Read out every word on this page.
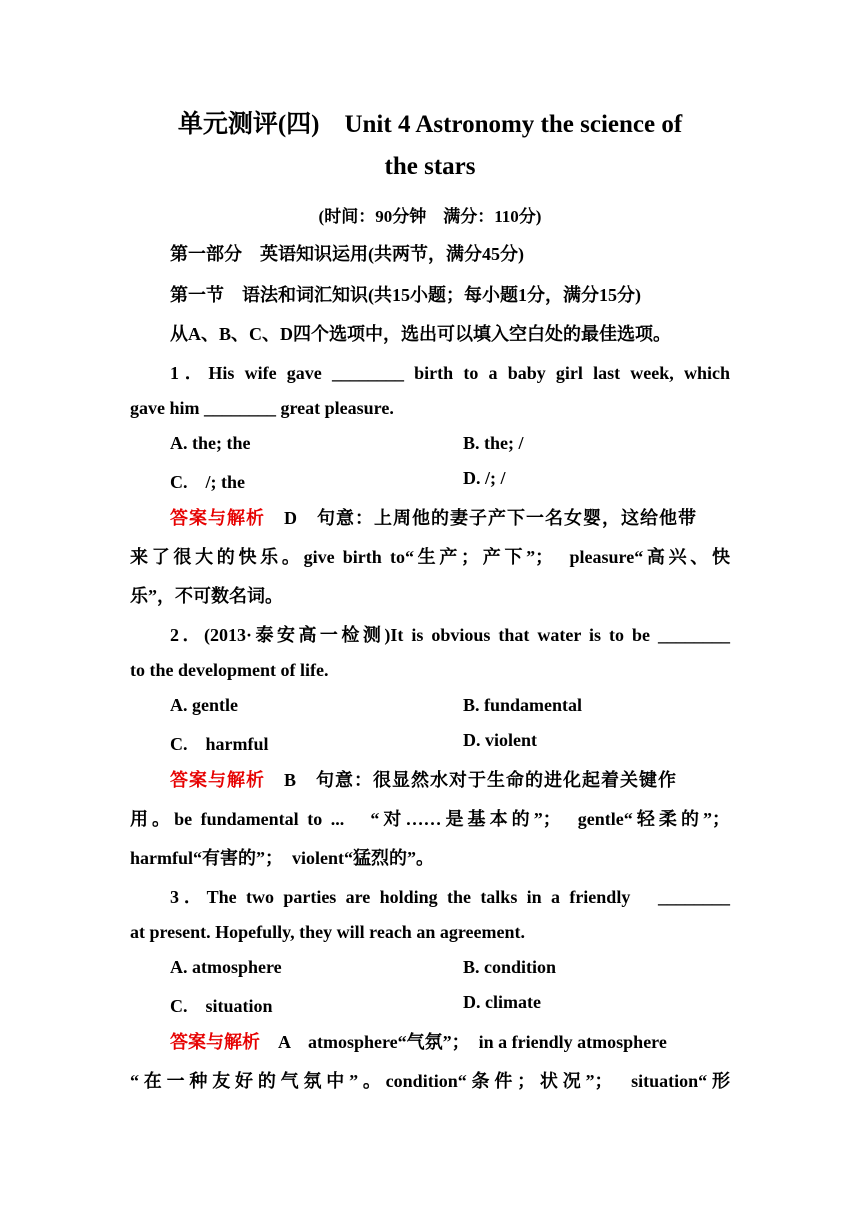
单元测评(四)　Unit 4 Astronomy the science of
the stars
(时间：90分钟　满分：110分)
第一部分　英语知识运用(共两节，满分45分)
第一节　语法和词汇知识(共15小题；每小题1分，满分15分)
从A、B、C、D四个选项中，选出可以填入空白处的最佳选项。
1．His wife gave ________ birth to a baby girl last week, which
gave him ________ great pleasure.
A. the; the	B. the; /
C.　/; the	D. /; /
答案与解析　 D　 句意：上周他的妻子产下一名女婴，这给他带
来了很大的快乐。give birth to“生产；产下”；　pleasure“高兴、快
乐”，不可数名词。
2．(2013·泰安高一检测)It is obvious that water is to be ________
to the development of life.
A. gentle	B. fundamental
C.　harmful	D. violent
答案与解析　 B　 句意：很显然水对于生命的进化起着关键作
用。be fundamental to ...　“对……是基本的”；　gentle“轻柔的”；
harmful“有害的”；　violent“猛烈的”。
3．The two parties are holding the talks in a friendly　________
at present. Hopefully, they will reach an agreement.
A. atmosphere	B. condition
C.　situation	D. climate
答案与解析　 A　 atmosphere“气氛”；　in a friendly atmosphere
“在一种友好的气氛中”。condition“条件；状况”；　situation“形
